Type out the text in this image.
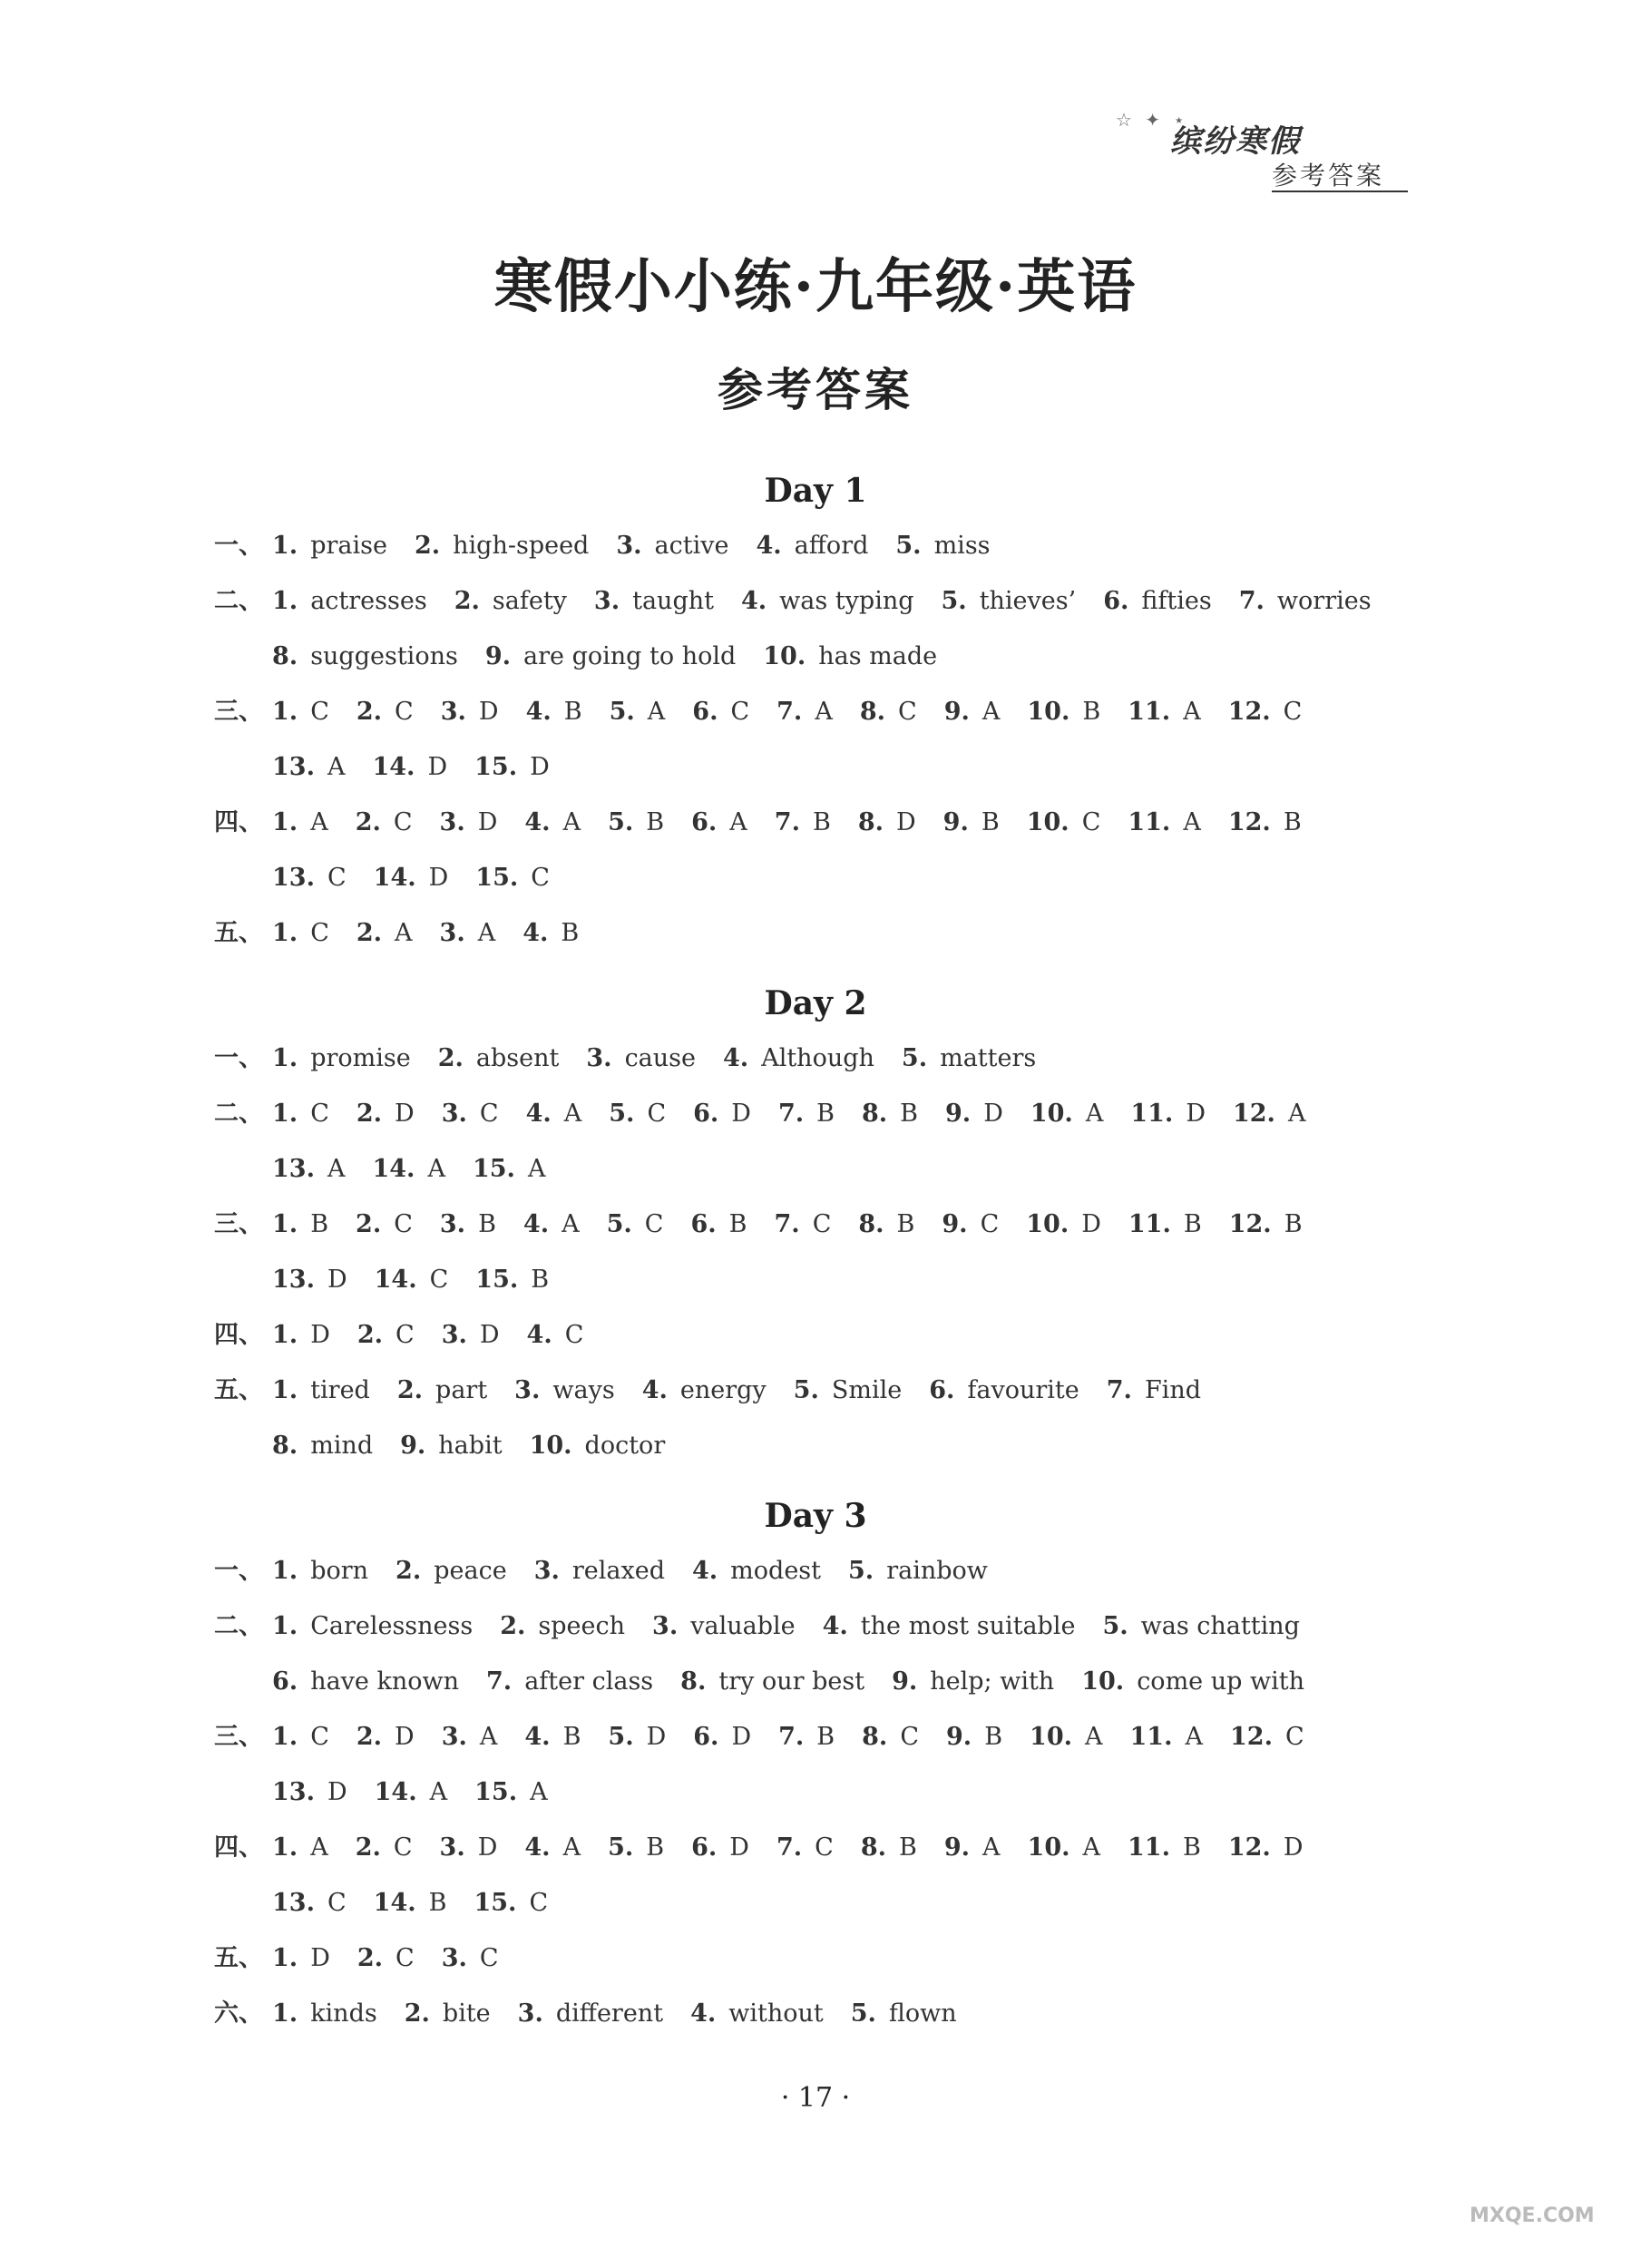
☆ ✦ ⋆
缤纷寒假
参考答案
寒假小小练·九年级·英语
参考答案
Day 1
一、 1. praise 2. high-speed 3. active 4. afford 5. miss
二、 1. actresses 2. safety 3. taught 4. was typing 5. thieves’ 6. fifties 7. worries
8. suggestions 9. are going to hold 10. has made
三、 1. C 2. C 3. D 4. B 5. A 6. C 7. A 8. C 9. A 10. B 11. A 12. C
13. A 14. D 15. D
四、 1. A 2. C 3. D 4. A 5. B 6. A 7. B 8. D 9. B 10. C 11. A 12. B
13. C 14. D 15. C
五、 1. C 2. A 3. A 4. B
Day 2
一、 1. promise 2. absent 3. cause 4. Although 5. matters
二、 1. C 2. D 3. C 4. A 5. C 6. D 7. B 8. B 9. D 10. A 11. D 12. A
13. A 14. A 15. A
三、 1. B 2. C 3. B 4. A 5. C 6. B 7. C 8. B 9. C 10. D 11. B 12. B
13. D 14. C 15. B
四、 1. D 2. C 3. D 4. C
五、 1. tired 2. part 3. ways 4. energy 5. Smile 6. favourite 7. Find
8. mind 9. habit 10. doctor
Day 3
一、 1. born 2. peace 3. relaxed 4. modest 5. rainbow
二、 1. Carelessness 2. speech 3. valuable 4. the most suitable 5. was chatting
6. have known 7. after class 8. try our best 9. help; with 10. come up with
三、 1. C 2. D 3. A 4. B 5. D 6. D 7. B 8. C 9. B 10. A 11. A 12. C
13. D 14. A 15. A
四、 1. A 2. C 3. D 4. A 5. B 6. D 7. C 8. B 9. A 10. A 11. B 12. D
13. C 14. B 15. C
五、 1. D 2. C 3. C
六、 1. kinds 2. bite 3. different 4. without 5. flown
· 17 ·
MXQE.COM
